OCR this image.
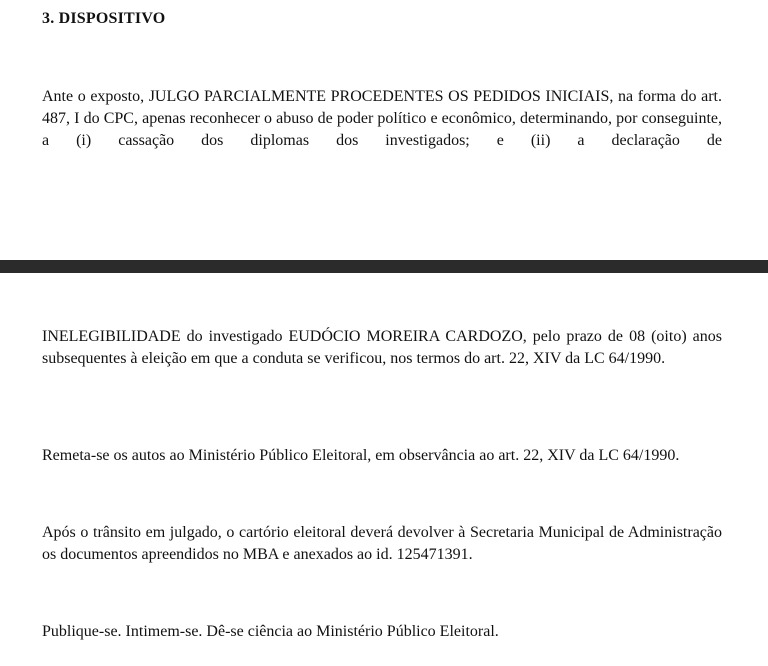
3. DISPOSITIVO

Ante o exposto, JULGO PARCIALMENTE PROCEDENTES OS PEDIDOS INICIAIS, na forma do art. 487, I do CPC, apenas reconhecer o abuso de poder político e econômico, determinando, por conseguinte, a (i) cassação dos diplomas dos investigados; e (ii) a declaração de

INELEGIBILIDADE do investigado EUDÓCIO MOREIRA CARDOZO, pelo prazo de 08 (oito) anos subsequentes à eleição em que a conduta se verificou, nos termos do art. 22, XIV da LC 64/1990.

Remeta-se os autos ao Ministério Público Eleitoral, em observância ao art. 22, XIV da LC 64/1990.

Após o trânsito em julgado, o cartório eleitoral deverá devolver à Secretaria Municipal de Administração os documentos apreendidos no MBA e anexados ao id. 125471391.

Publique-se. Intimem-se. Dê-se ciência ao Ministério Público Eleitoral.
